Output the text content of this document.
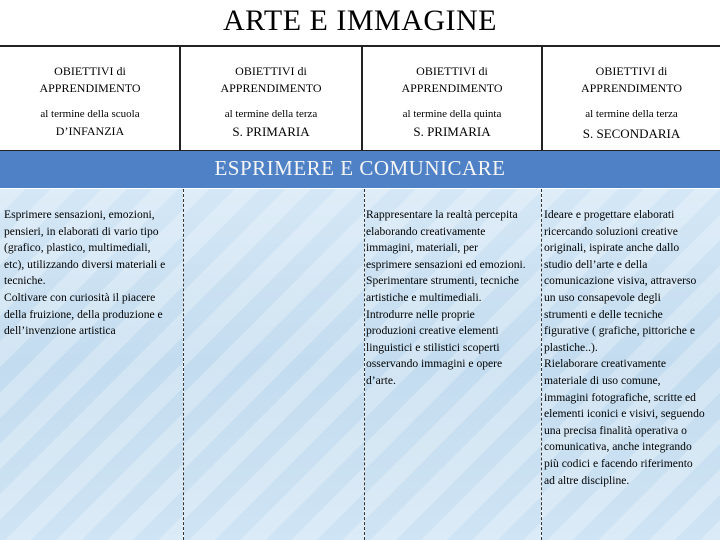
ARTE E IMMAGINE
OBIETTIVI di
APPRENDIMENTO
al termine della scuola
D’INFANZIA
OBIETTIVI di
APPRENDIMENTO
al termine della terza
S. PRIMARIA
OBIETTIVI di
APPRENDIMENTO
al termine della quinta
S. PRIMARIA
OBIETTIVI di
APPRENDIMENTO
al termine della terza
S. SECONDARIA
ESPRIMERE E COMUNICARE
Esprimere sensazioni, emozioni,
pensieri, in elaborati di vario tipo
(grafico, plastico, multimediali,
etc), utilizzando diversi materiali e
tecniche.
Coltivare con curiosità il piacere
della fruizione, della produzione e
dell’invenzione artistica
Rappresentare la realtà percepita
elaborando creativamente
immagini, materiali, per
esprimere sensazioni ed emozioni.
Sperimentare strumenti, tecniche
artistiche e multimediali.
Introdurre nelle proprie
produzioni creative elementi
linguistici e stilistici scoperti
osservando immagini e opere
d’arte.
Ideare e progettare elaborati
ricercando soluzioni creative
originali, ispirate anche dallo
studio dell’arte e della
comunicazione visiva, attraverso
un uso consapevole degli
strumenti e delle tecniche
figurative ( grafiche, pittoriche e
plastiche..).
Rielaborare creativamente
materiale di uso comune,
immagini fotografiche, scritte ed
elementi iconici e visivi, seguendo
una precisa finalità operativa o
comunicativa, anche integrando
più codici e facendo riferimento
ad altre discipline.
